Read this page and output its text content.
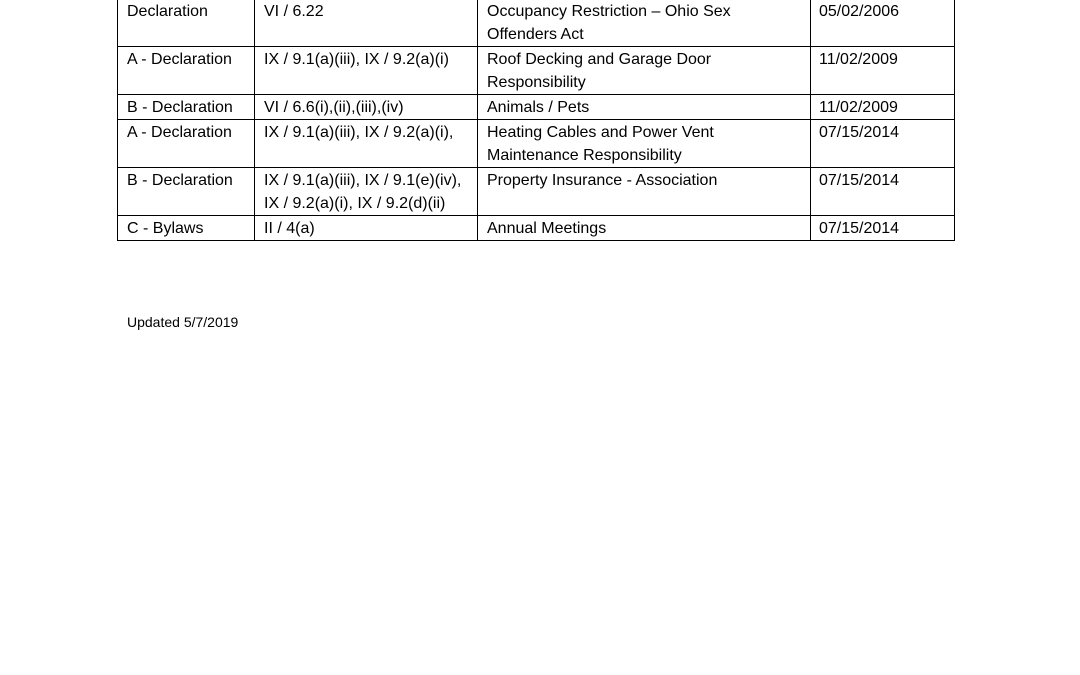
Declaration	VI / 6.22	Occupancy Restriction – Ohio Sex Offenders Act	05/02/2006
A - Declaration	IX / 9.1(a)(iii), IX / 9.2(a)(i)	Roof Decking and Garage Door Responsibility	11/02/2009
B - Declaration	VI / 6.6(i),(ii),(iii),(iv)	Animals / Pets	11/02/2009
A - Declaration	IX / 9.1(a)(iii), IX / 9.2(a)(i),	Heating Cables and Power Vent Maintenance Responsibility	07/15/2014
B - Declaration	IX / 9.1(a)(iii), IX / 9.1(e)(iv), IX / 9.2(a)(i), IX / 9.2(d)(ii)	Property Insurance - Association	07/15/2014
C - Bylaws	II / 4(a)	Annual Meetings	07/15/2014
Updated 5/7/2019
